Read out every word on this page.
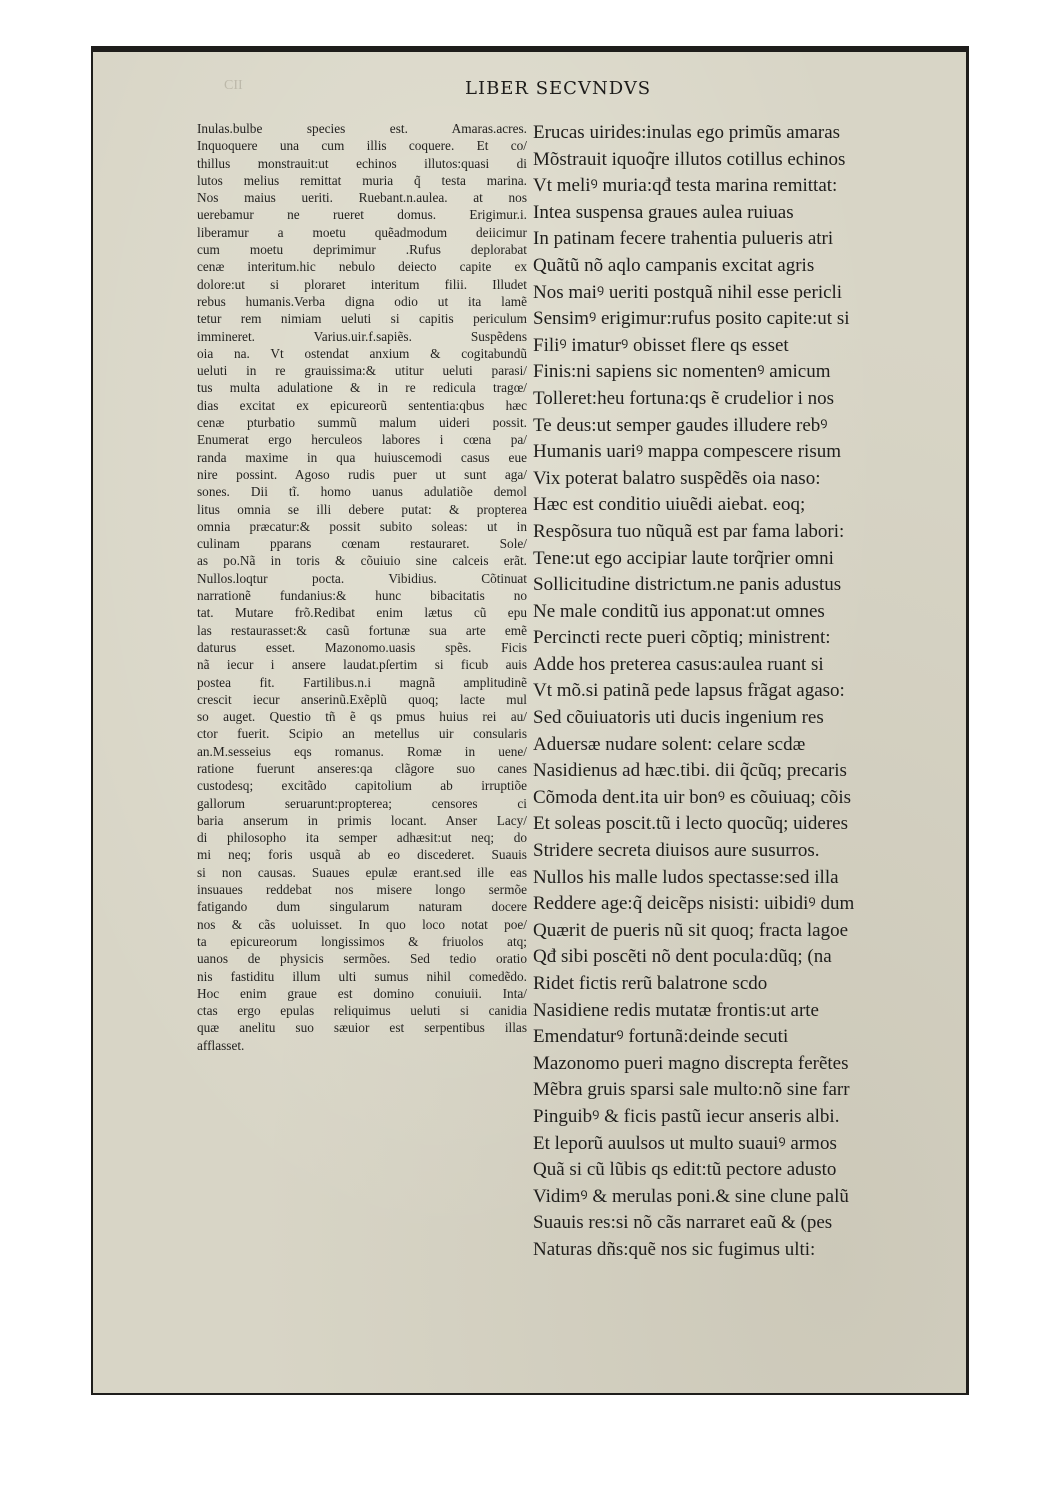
CII	LIBER SECVNDVS
Inulas.bulbe species est. Amaras.acres.
Inquoquere una cum illis coquere. Et co/
thillus monstrauit:ut echinos illutos:quasi di
lutos melius remittat muria q̃ testa marina.
Nos maius ueriti. Ruebant.n.aulea. at nos
uerebamur ne rueret domus. Erigimur.i.
liberamur a moetu quẽadmodum deiicimur
cum moetu deprimimur .Rufus deplorabat
cenæ interitum.hic nebulo deiecto capite ex
dolore:ut si ploraret interitum filii. Illudet
rebus humanis.Verba digna odio ut ita lamẽ
tetur rem nimiam ueluti si capitis periculum
immineret. Varius.uir.f.sapiẽs. Suspẽdens
oia na. Vt ostendat anxium & cogitabundũ
ueluti in re grauissima:& utitur ueluti parasi/
tus multa adulatione & in re redicula tragœ/
dias excitat ex epicureorũ sententia:qbus hæc
cenæ pturbatio summũ malum uideri possit.
Enumerat ergo herculeos labores i cœna pa/
randa maxime in qua huiuscemodi casus eue
nire possint. Agoso rudis puer ut sunt aga/
sones. Dii tĩ. homo uanus adulatiõe demol
litus omnia se illi debere putat: & propterea
omnia præcatur:& possit subito soleas: ut in
culinam pparans cœnam restauraret. Sole/
as po.Nã in toris & cõuiuio sine calceis erãt.
Nullos.loqtur pocta. Vibidius. Cõtinuat
narrationẽ fundanius:& hunc bibacitatis no
tat. Mutare frõ.Redibat enim lætus cũ epu
las restaurasset:& casũ fortunæ sua arte emẽ
daturus esset. Mazonomo.uasis spẽs. Ficis
nã iecur i ansere laudat.pſertim si ficub auis
postea fit. Fartilibus.n.i magnã amplitudinẽ
crescit iecur anserinũ.Exẽplũ quoq; lacte mul
so auget. Questio tñ ẽ qs pmus huius rei au/
ctor fuerit. Scipio an metellus uir consularis
an.M.sesseius eqs romanus. Romæ in uene/
ratione fuerunt anseres:qa clãgore suo canes
custodesq; excitãdo capitolium ab irruptiõe
gallorum seruarunt:propterea; censores ci
baria anserum in primis locant. Anser Lacy/
di philosopho ita semper adhæsit:ut neq; do
mi neq; foris usquã ab eo discederet. Suauis
si non causas. Suaues epulæ erant.sed ille eas
insuaues reddebat nos misere longo sermõe
fatigando dum singularum naturam docere
nos & cãs uoluisset. In quo loco notat poe/
ta epicureorum longissimos & friuolos atq;
uanos de physicis sermões. Sed tedio oratio
nis fastiditu illum ulti sumus nihil comedẽdo.
Hoc enim graue est domino conuiuii. Inta/
ctas ergo epulas reliquimus ueluti si canidia
quæ anelitu suo sæuior est serpentibus illas
afflasset.
Erucas uirides:inulas ego primũs amaras
Mõstrauit iquoq̃re illutos cotillus echinos
Vt meliꝰ muria:qđ testa marina remittat:
Intea suspensa graues aulea ruiuas
In patinam fecere trahentia pulueris atri
Quãtũ nõ aqlo campanis excitat agris
Nos maiꝰ ueriti postquã nihil esse pericli
Sensimꝰ erigimur:rufus posito capite:ut si
Filiꝰ imaturꝰ obisset flere qs esset
Finis:ni sapiens sic nomentenꝰ amicum
Tolleret:heu fortuna:qs ẽ crudelior i nos
Te deus:ut semper gaudes illudere rebꝰ
Humanis uariꝰ mappa compescere risum
Vix poterat balatro suspẽdẽs oia naso:
Hæc est conditio uiuẽdi aiebat. eoq;
Respõsura tuo nũquã est par fama labori:
Tene:ut ego accipiar laute torq̃rier omni
Sollicitudine districtum.ne panis adustus
Ne male conditũ ius apponat:ut omnes
Percincti recte pueri cõptiq; ministrent:
Adde hos preterea casus:aulea ruant si
Vt mõ.si patinã pede lapsus frãgat agaso:
Sed cõuiuatoris uti ducis ingenium res
Aduersæ nudare solent: celare scdæ
Nasidienus ad hæc.tibi. dii q̃cũq; precaris
Cõmoda dent.ita uir bonꝰ es cõuiuaq; cõis
Et soleas poscit.tũ i lecto quocũq; uideres
Stridere secreta diuisos aure susurros.
Nullos his malle ludos spectasse:sed illa
Reddere age:q̃ deicẽps nisisti: uibidiꝰ dum
Quærit de pueris nũ sit quoq; fracta lagoe
Qđ sibi poscẽti nõ dent pocula:dũq; (na
Ridet fictis rerũ balatrone scdo
Nasidiene redis mutatæ frontis:ut arte
Emendaturꝰ fortunã:deinde secuti
Mazonomo pueri magno discrepta ferẽtes
Mẽbra gruis sparsi sale multo:nõ sine farr
Pinguibꝰ & ficis pastũ iecur anseris albi.
Et leporũ auulsos ut multo suauiꝰ armos
Quã si cũ lũbis qs edit:tũ pectore adusto
Vidimꝰ & merulas poni.& sine clune palũ
Suauis res:si nõ cãs narraret eaũ & (pes
Naturas dñs:quẽ nos sic fugimus ulti:
